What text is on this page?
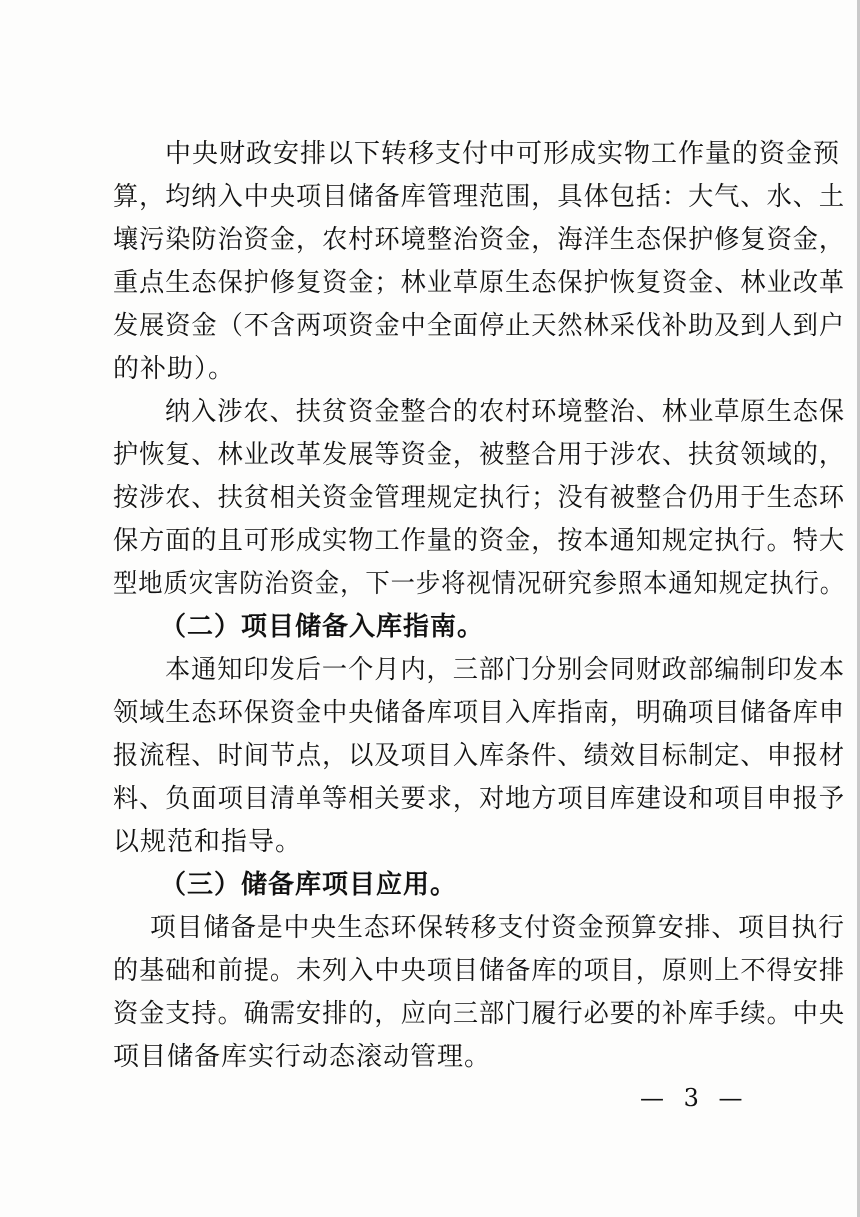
中央财政安排以下转移支付中可形成实物工作量的资金预
算，均纳入中央项目储备库管理范围，具体包括：大气、水、土
壤污染防治资金，农村环境整治资金，海洋生态保护修复资金，
重点生态保护修复资金；林业草原生态保护恢复资金、林业改革
发展资金（不含两项资金中全面停止天然林采伐补助及到人到户
的补助）。
纳入涉农、扶贫资金整合的农村环境整治、林业草原生态保
护恢复、林业改革发展等资金，被整合用于涉农、扶贫领域的，
按涉农、扶贫相关资金管理规定执行；没有被整合仍用于生态环
保方面的且可形成实物工作量的资金，按本通知规定执行。特大
型地质灾害防治资金，下一步将视情况研究参照本通知规定执行。
（二）项目储备入库指南。
本通知印发后一个月内，三部门分别会同财政部编制印发本
领域生态环保资金中央储备库项目入库指南，明确项目储备库申
报流程、时间节点，以及项目入库条件、绩效目标制定、申报材
料、负面项目清单等相关要求，对地方项目库建设和项目申报予
以规范和指导。
（三）储备库项目应用。
项目储备是中央生态环保转移支付资金预算安排、项目执行
的基础和前提。未列入中央项目储备库的项目，原则上不得安排
资金支持。确需安排的，应向三部门履行必要的补库手续。中央
项目储备库实行动态滚动管理。
— 3 —
